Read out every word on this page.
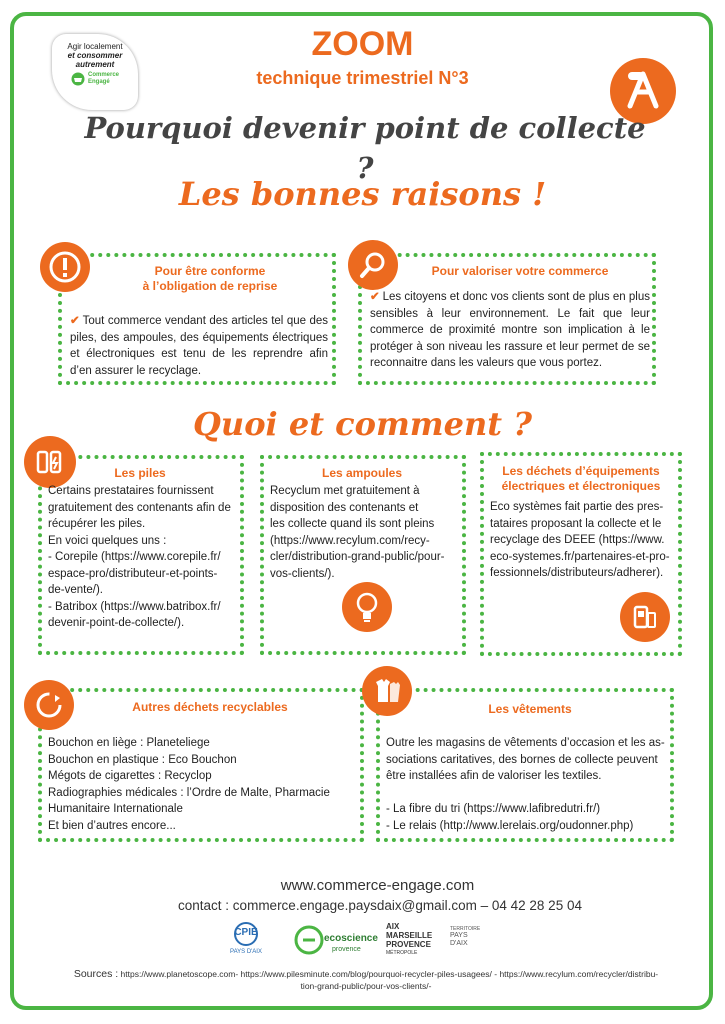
Agir localement
et consommer
autrement
Commerce
Engagé
ZOOM
technique trimestriel N°3
Pourquoi devenir point de collecte ?
Les bonnes raisons !
Pour être conforme
à l’obligation de reprise
✔ Tout commerce vendant des articles tel que des piles, des ampoules, des équipements électriques et électroniques est tenu de les reprendre afin d’en assurer le recyclage.
Pour valoriser votre commerce
✔ Les citoyens et donc vos clients sont de plus en plus sensibles à leur environnement. Le fait que leur commerce de proximité montre son implication à le protéger à son niveau les rassure et leur permet de se reconnaitre dans les valeurs que vous portez.
Quoi et comment ?
Les piles
Certains prestataires fournissent
gratuitement des contenants afin de
récupérer les piles.
En voici quelques uns :
- Corepile (https://www.corepile.fr/
espace-pro/distributeur-et-points-
de-vente/).
- Batribox (https://www.batribox.fr/
devenir-point-de-collecte/).
Les ampoules
Recyclum met gratuitement à
disposition des contenants et
les collecte quand ils sont pleins
(https://www.recylum.com/recy-
cler/distribution-grand-public/pour-
vos-clients/).
Les déchets d’équipements
électriques et électroniques
Eco systèmes fait partie des pres-
tataires proposant la collecte et le
recyclage des DEEE (https://www.
eco-systemes.fr/partenaires-et-pro-
fessionnels/distributeurs/adherer).
Autres déchets recyclables
Bouchon en liège : Planeteliege
Bouchon en plastique : Eco Bouchon
Mégots de cigarettes : Recyclop
Radiographies médicales : l’Ordre de Malte, Pharmacie
Humanitaire Internationale
Et bien d’autres encore...
Les vêtements
Outre les magasins de vêtements d’occasion et les as-
sociations caritatives, des bornes de collecte peuvent
être installées afin de valoriser les textiles.
- La fibre du tri (https://www.lafibredutri.fr/)
- Le relais (http://www.lerelais.org/oudonner.php)
www.commerce-engage.com
contact : commerce.engage.paysdaix@gmail.com – 04 42 28 25 04
CPIE
PAYS D'AIX
ecoscience
provence
AIX
MARSEILLE
PROVENCE
MÉTROPOLE
TERRITOIRE
PAYS
D'AIX
Sources : https://www.planetoscope.com- https://www.pilesminute.com/blog/pourquoi-recycler-piles-usagees/ - https://www.recylum.com/recycler/distribu-
tion-grand-public/pour-vos-clients/-
